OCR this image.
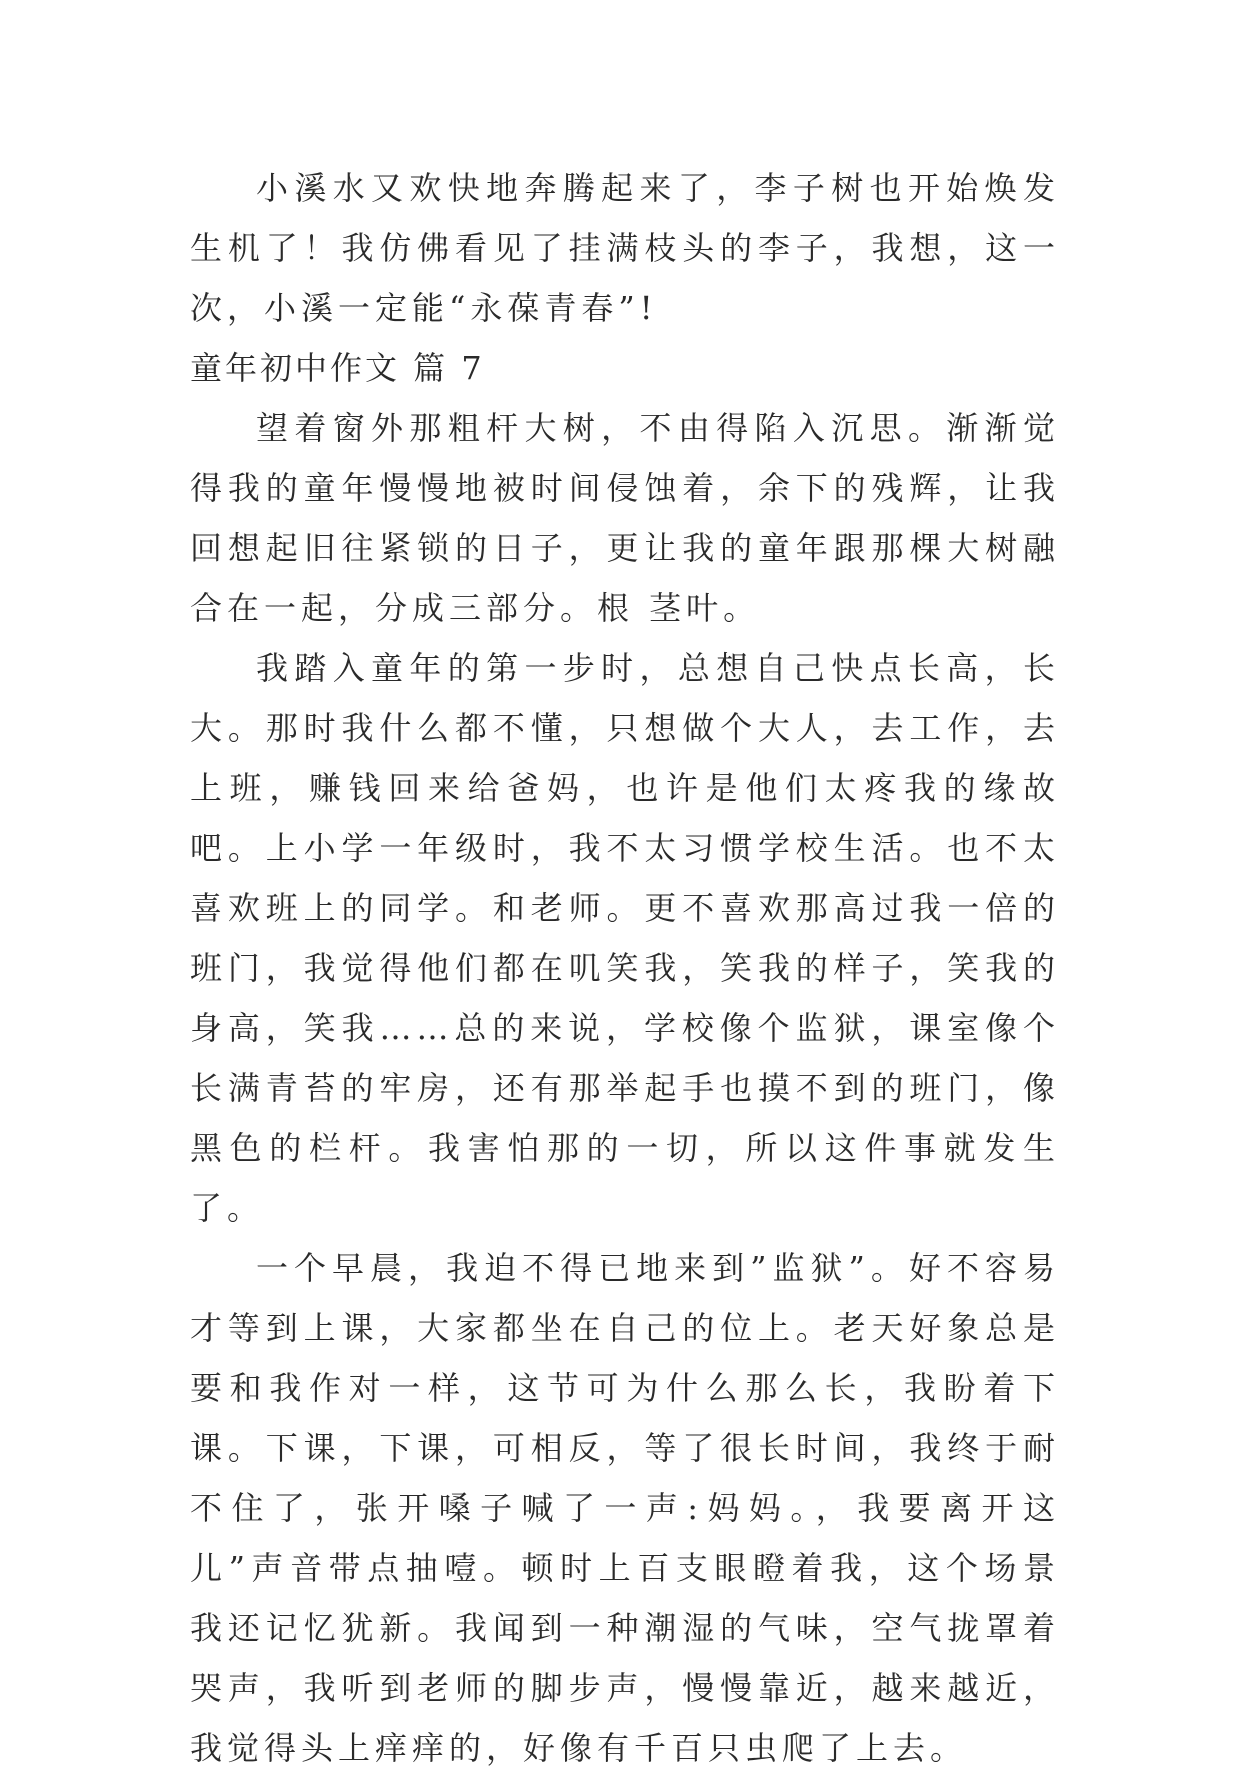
小溪水又欢快地奔腾起来了，李子树也开始焕发生机了！我仿佛看见了挂满枝头的李子，我想，这一次，小溪一定能“永葆青春”!

童年初中作文 篇 7

望着窗外那粗杆大树，不由得陷入沉思。渐渐觉得我的童年慢慢地被时间侵蚀着，余下的残辉，让我回想起旧往紧锁的日子，更让我的童年跟那棵大树融合在一起，分成三部分。根 茎叶。

我踏入童年的第一步时，总想自己快点长高，长大。那时我什么都不懂，只想做个大人，去工作，去上班，赚钱回来给爸妈，也许是他们太疼我的缘故吧。上小学一年级时，我不太习惯学校生活。也不太喜欢班上的同学。和老师。更不喜欢那高过我一倍的班门，我觉得他们都在叽笑我，笑我的样子，笑我的身高，笑我……总的来说，学校像个监狱，课室像个长满青苔的牢房，还有那举起手也摸不到的班门，像黑色的栏杆。我害怕那的一切，所以这件事就发生了。

一个早晨，我迫不得已地来到”监狱”。好不容易才等到上课，大家都坐在自己的位上。老天好象总是要和我作对一样，这节可为什么那么长，我盼着下课。下课，下课，可相反，等了很长时间，我终于耐不住了，张开嗓子喊了一声:妈妈。，我要离开这儿”声音带点抽噎。顿时上百支眼瞪着我，这个场景我还记忆犹新。我闻到一种潮湿的气味，空气拢罩着哭声，我听到老师的脚步声，慢慢靠近，越来越近，我觉得头上痒痒的，好像有千百只虫爬了上去。
